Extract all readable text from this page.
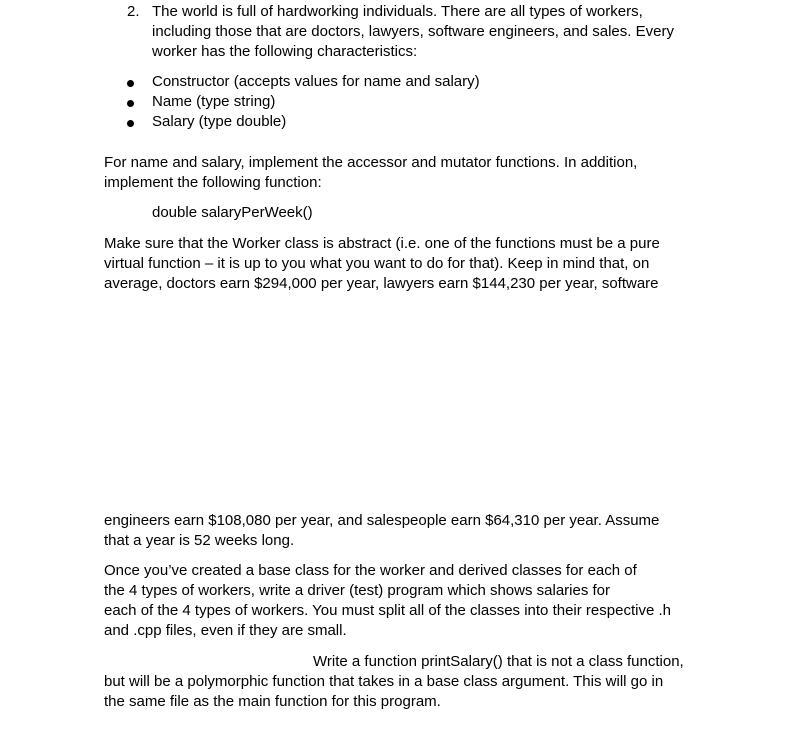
2. The world is full of hardworking individuals. There are all types of workers,
including those that are doctors, lawyers, software engineers, and sales. Every
worker has the following characteristics:
Constructor (accepts values for name and salary)
Name (type string)
Salary (type double)
For name and salary, implement the accessor and mutator functions. In addition,
implement the following function:
double salaryPerWeek()
Make sure that the Worker class is abstract (i.e. one of the functions must be a pure
virtual function – it is up to you what you want to do for that). Keep in mind that, on
average, doctors earn $294,000 per year, lawyers earn $144,230 per year, software
engineers earn $108,080 per year, and salespeople earn $64,310 per year. Assume
that a year is 52 weeks long.
Once you’ve created a base class for the worker and derived classes for each of
the 4 types of workers, write a driver (test) program which shows salaries for
each of the 4 types of workers. You must split all of the classes into their respective .h
and .cpp files, even if they are small.
Write a function printSalary() that is not a class function,
but will be a polymorphic function that takes in a base class argument. This will go in
the same file as the main function for this program.
